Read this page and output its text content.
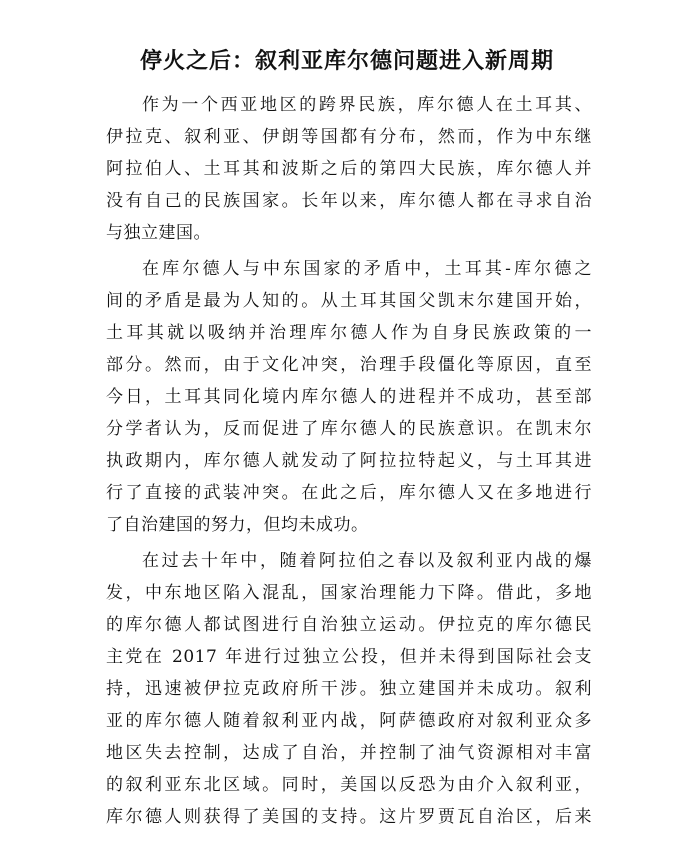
停火之后：叙利亚库尔德问题进入新周期
作为一个西亚地区的跨界民族，库尔德人在土耳其、
伊拉克、叙利亚、伊朗等国都有分布，然而，作为中东继
阿拉伯人、土耳其和波斯之后的第四大民族，库尔德人并
没有自己的民族国家。长年以来，库尔德人都在寻求自治
与独立建国。
在库尔德人与中东国家的矛盾中，土耳其-库尔德之
间的矛盾是最为人知的。从土耳其国父凯末尔建国开始，
土耳其就以吸纳并治理库尔德人作为自身民族政策的一
部分。然而，由于文化冲突，治理手段僵化等原因，直至
今日，土耳其同化境内库尔德人的进程并不成功，甚至部
分学者认为，反而促进了库尔德人的民族意识。在凯末尔
执政期内，库尔德人就发动了阿拉拉特起义，与土耳其进
行了直接的武装冲突。在此之后，库尔德人又在多地进行
了自治建国的努力，但均未成功。
在过去十年中，随着阿拉伯之春以及叙利亚内战的爆
发，中东地区陷入混乱，国家治理能力下降。借此，多地
的库尔德人都试图进行自治独立运动。伊拉克的库尔德民
主党在 2017 年进行过独立公投，但并未得到国际社会支
持，迅速被伊拉克政府所干涉。独立建国并未成功。叙利
亚的库尔德人随着叙利亚内战，阿萨德政府对叙利亚众多
地区失去控制，达成了自治，并控制了油气资源相对丰富
的叙利亚东北区域。同时，美国以反恐为由介入叙利亚，
库尔德人则获得了美国的支持。这片罗贾瓦自治区，后来
